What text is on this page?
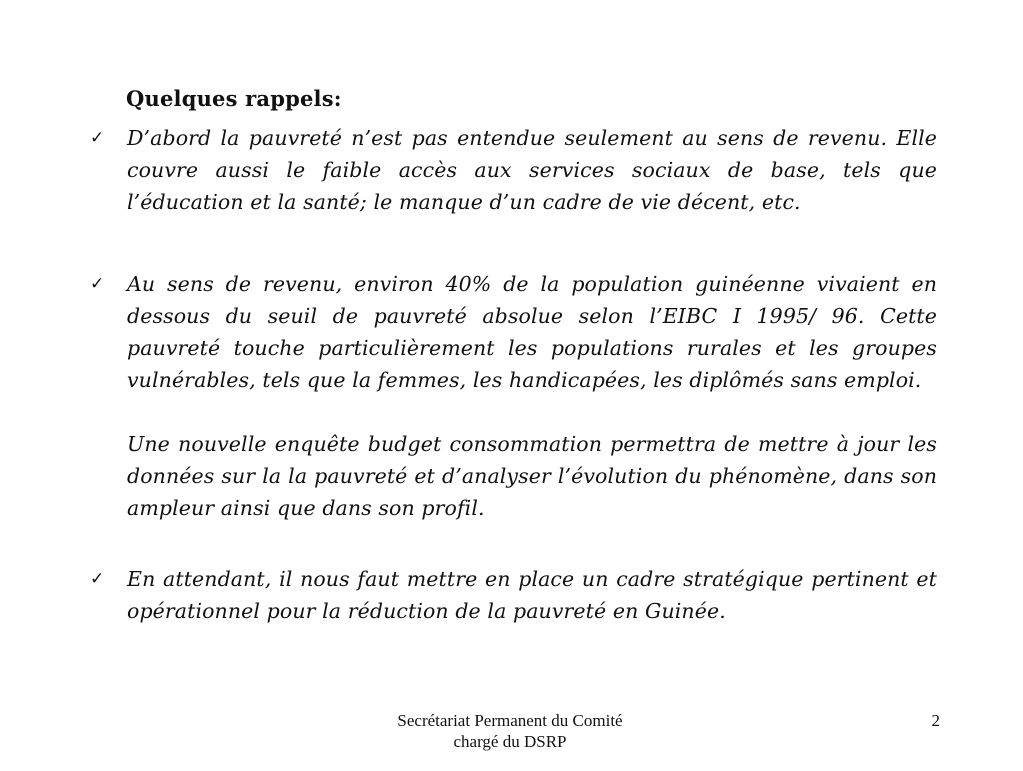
Quelques rappels:
✓ D’abord la pauvreté n’est pas entendue seulement au sens de revenu. Elle couvre aussi le faible accès aux services sociaux de base, tels que l’éducation et la santé; le manque d’un cadre de vie décent, etc.

✓ Au sens de revenu, environ 40% de la population guinéenne vivaient en dessous du seuil de pauvreté absolue selon l’EIBC I 1995/ 96. Cette pauvreté touche particulièrement les populations rurales et les groupes vulnérables, tels que la femmes, les handicapées, les diplômés sans emploi.

Une nouvelle enquête budget consommation permettra de mettre à jour les données sur la la pauvreté et d’analyser l’évolution du phénomène, dans son ampleur ainsi que dans son profil.

✓ En attendant, il nous faut mettre en place un cadre stratégique pertinent et opérationnel pour la réduction de la pauvreté en Guinée.

Secrétariat Permanent du Comité
chargé du DSRP
2
